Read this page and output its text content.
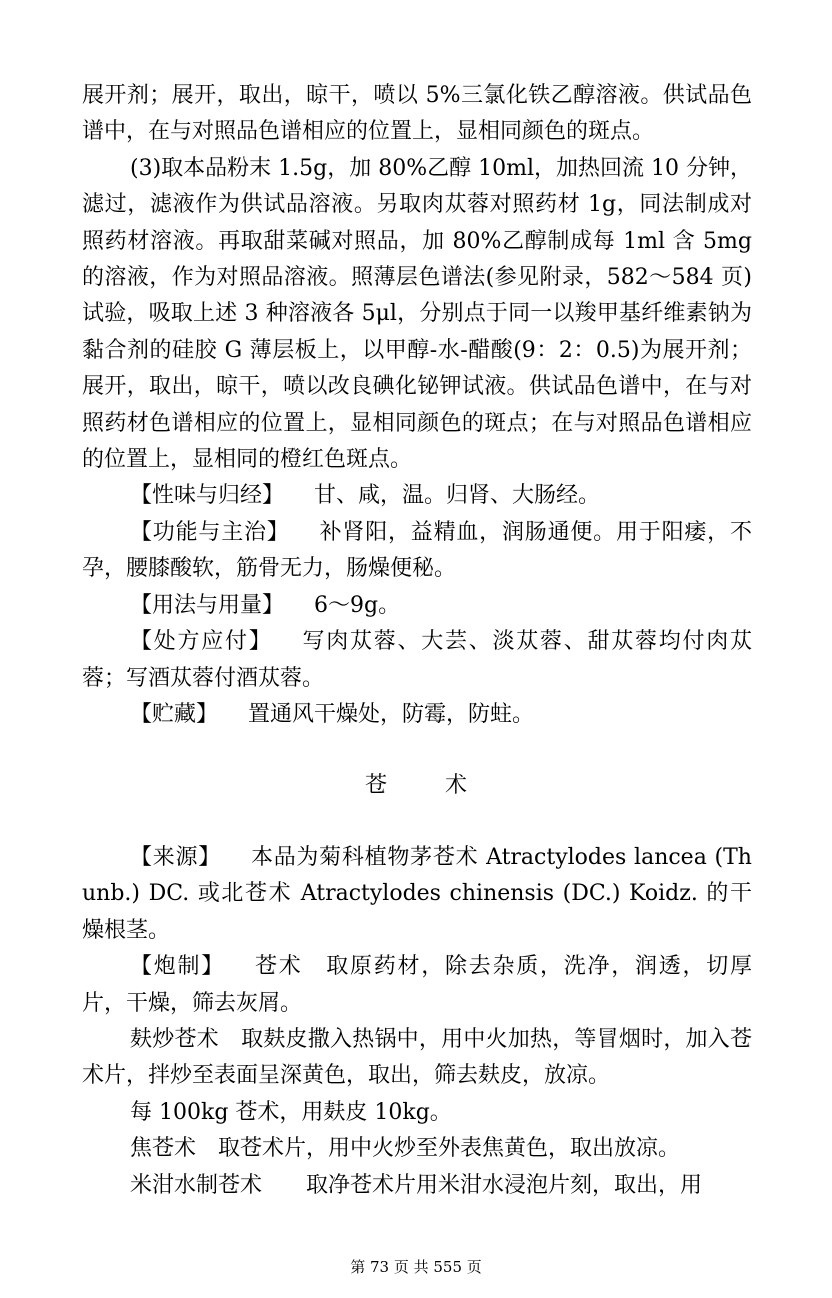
展开剂；展开，取出，晾干，喷以 5%三氯化铁乙醇溶液。供试品色谱中，在与对照品色谱相应的位置上，显相同颜色的斑点。

(3)取本品粉末 1.5g，加 80%乙醇 10ml，加热回流 10 分钟，滤过，滤液作为供试品溶液。另取肉苁蓉对照药材 1g，同法制成对照药材溶液。再取甜菜碱对照品，加 80%乙醇制成每 1ml 含 5mg 的溶液，作为对照品溶液。照薄层色谱法(参见附录，582～584 页)试验，吸取上述 3 种溶液各 5μl，分别点于同一以羧甲基纤维素钠为黏合剂的硅胶 G 薄层板上，以甲醇-水-醋酸(9：2：0.5)为展开剂；展开，取出，晾干，喷以改良碘化铋钾试液。供试品色谱中，在与对照药材色谱相应的位置上，显相同颜色的斑点；在与对照品色谱相应的位置上，显相同的橙红色斑点。

【性味与归经】 甘、咸，温。归肾、大肠经。

【功能与主治】 补肾阳，益精血，润肠通便。用于阳痿，不孕，腰膝酸软，筋骨无力，肠燥便秘。

【用法与用量】 6～9g。

【处方应付】 写肉苁蓉、大芸、淡苁蓉、甜苁蓉均付肉苁蓉；写酒苁蓉付酒苁蓉。

【贮藏】 置通风干燥处，防霉，防蛀。

苍	术

【来源】 本品为菊科植物茅苍术 Atractylodes lancea (Thunb.) DC. 或北苍术 Atractylodes chinensis (DC.) Koidz. 的干燥根茎。

【炮制】 苍术　取原药材，除去杂质，洗净，润透，切厚片，干燥，筛去灰屑。

麸炒苍术　取麸皮撒入热锅中，用中火加热，等冒烟时，加入苍术片，拌炒至表面呈深黄色，取出，筛去麸皮，放凉。

每 100kg 苍术，用麸皮 10kg。

焦苍术　取苍术片，用中火炒至外表焦黄色，取出放凉。

米泔水制苍术　　取净苍术片用米泔水浸泡片刻，取出，用

第 73 页 共 555 页
